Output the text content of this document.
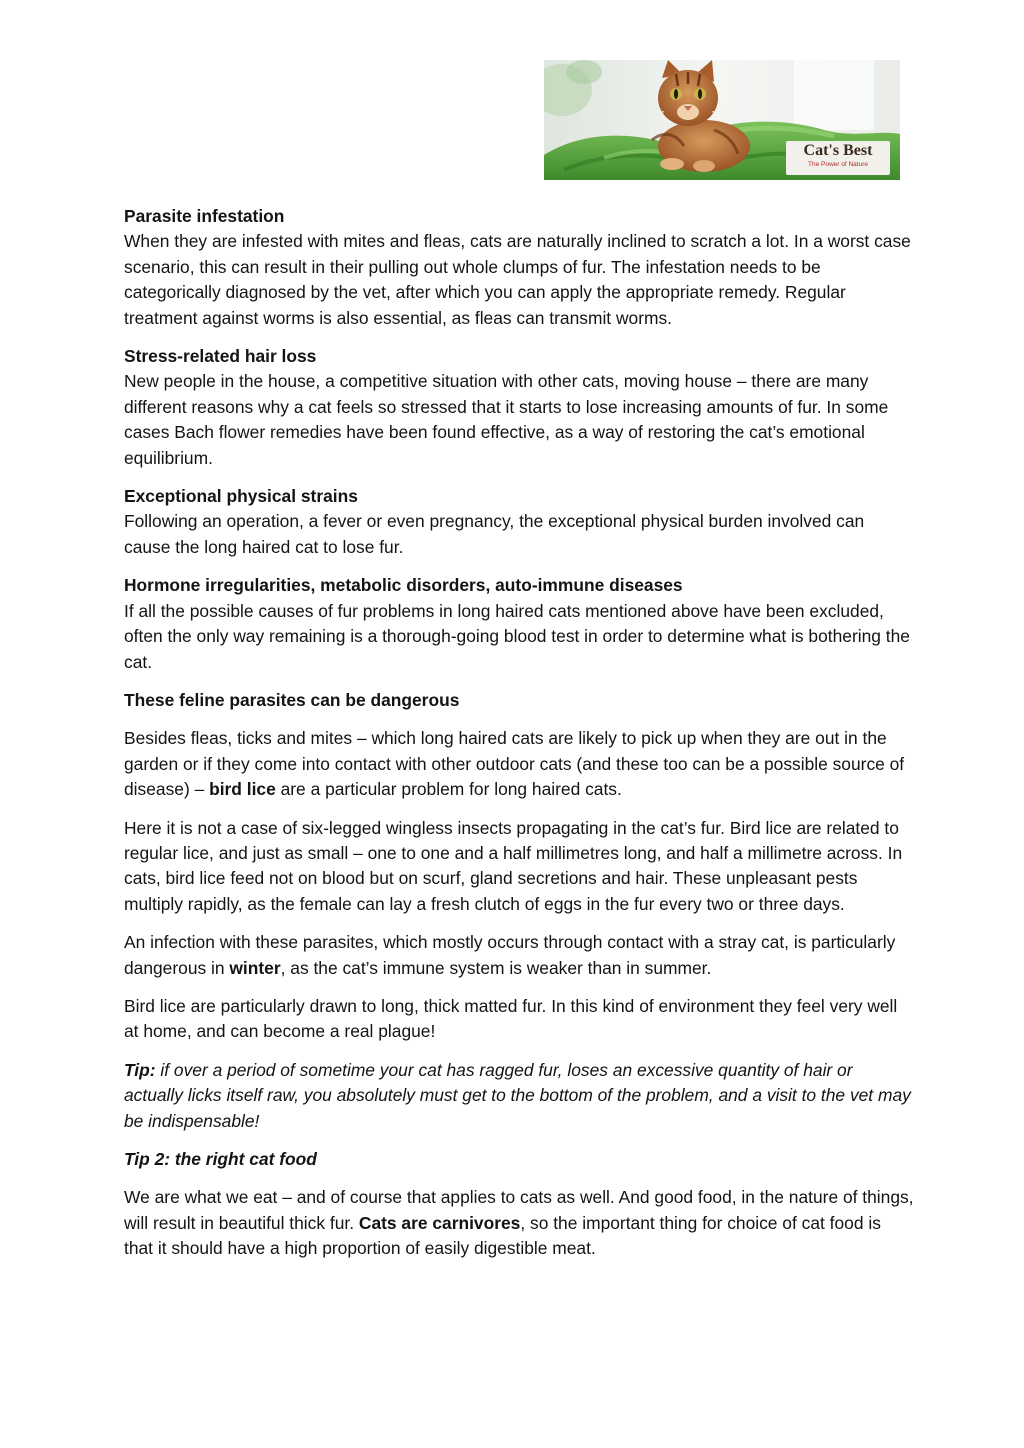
Cat's Best
The Power of Nature
Parasite infestation
When they are infested with mites and fleas, cats are naturally inclined to scratch a lot. In a worst case scenario, this can result in their pulling out whole clumps of fur. The infestation needs to be categorically diagnosed by the vet, after which you can apply the appropriate remedy. Regular treatment against worms is also essential, as fleas can transmit worms.
Stress-related hair loss
New people in the house, a competitive situation with other cats, moving house – there are many different reasons why a cat feels so stressed that it starts to lose increasing amounts of fur. In some cases Bach flower remedies have been found effective, as a way of restoring the cat’s emotional equilibrium.
Exceptional physical strains
Following an operation, a fever or even pregnancy, the exceptional physical burden involved can cause the long haired cat to lose fur.
Hormone irregularities, metabolic disorders, auto-immune diseases
If all the possible causes of fur problems in long haired cats mentioned above have been excluded, often the only way remaining is a thorough-going blood test in order to determine what is bothering the cat.
These feline parasites can be dangerous
Besides fleas, ticks and mites – which long haired cats are likely to pick up when they are out in the garden or if they come into contact with other outdoor cats (and these too can be a possible source of disease) – bird lice are a particular problem for long haired cats.
Here it is not a case of six-legged wingless insects propagating in the cat’s fur. Bird lice are related to regular lice, and just as small – one to one and a half millimetres long, and half a millimetre across. In cats, bird lice feed not on blood but on scurf, gland secretions and hair. These unpleasant pests multiply rapidly, as the female can lay a fresh clutch of eggs in the fur every two or three days.
An infection with these parasites, which mostly occurs through contact with a stray cat, is particularly dangerous in winter, as the cat’s immune system is weaker than in summer.
Bird lice are particularly drawn to long, thick matted fur. In this kind of environment they feel very well at home, and can become a real plague!
Tip: if over a period of sometime your cat has ragged fur, loses an excessive quantity of hair or actually licks itself raw, you absolutely must get to the bottom of the problem, and a visit to the vet may be indispensable!
Tip 2: the right cat food
We are what we eat – and of course that applies to cats as well. And good food, in the nature of things, will result in beautiful thick fur. Cats are carnivores, so the important thing for choice of cat food is that it should have a high proportion of easily digestible meat.
